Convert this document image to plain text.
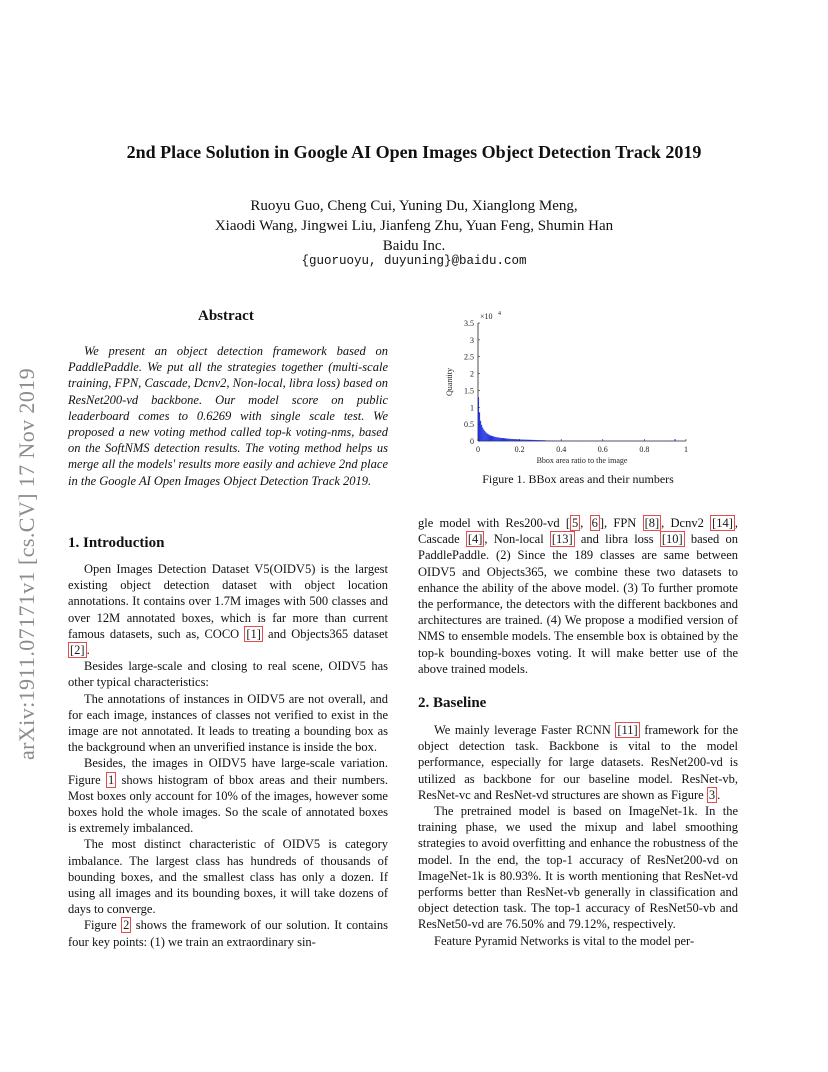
arXiv:1911.07171v1 [cs.CV] 17 Nov 2019
2nd Place Solution in Google AI Open Images Object Detection Track 2019
Ruoyu Guo, Cheng Cui, Yuning Du, Xianglong Meng,
Xiaodi Wang, Jingwei Liu, Jianfeng Zhu, Yuan Feng, Shumin Han
Baidu Inc.
{guoruoyu, duyuning}@baidu.com
Abstract

We present an object detection framework based on PaddlePaddle. We put all the strategies together (multi-scale training, FPN, Cascade, Dcnv2, Non-local, libra loss) based on ResNet200-vd backbone. Our model score on public leaderboard comes to 0.6269 with single scale test. We proposed a new voting method called top-k voting-nms, based on the SoftNMS detection results. The voting method helps us merge all the models' results more easily and achieve 2nd place in the Google AI Open Images Object Detection Track 2019.

1. Introduction

Open Images Detection Dataset V5(OIDV5) is the largest existing object detection dataset with object location annotations. It contains over 1.7M images with 500 classes and over 12M annotated boxes, which is far more than current famous datasets, such as, COCO [1] and Objects365 dataset [2] .

Besides large-scale and closing to real scene, OIDV5 has other typical characteristics:

The annotations of instances in OIDV5 are not overall, and for each image, instances of classes not verified to exist in the image are not annotated. It leads to treating a bounding box as the background when an unverified instance is inside the box.

Besides, the images in OIDV5 have large-scale variation. Figure 1 shows histogram of bbox areas and their numbers. Most boxes only account for 10% of the images, however some boxes hold the whole images. So the scale of annotated boxes is extremely imbalanced.

The most distinct characteristic of OIDV5 is category imbalance. The largest class has hundreds of thousands of bounding boxes, and the smallest class has only a dozen. If using all images and its bounding boxes, it will take dozens of days to converge.

Figure 2 shows the framework of our solution. It contains four key points: (1) we train an extraordinary sin-

0	0.2	0.4	0.6	0.8	1
0
0.5
1
1.5
2
2.5
3
3.5
×10 4
Bbox area ratio to the image
Quantity
Figure 1. BBox areas and their numbers

gle model with Res200-vd [ 5 , 6 ], FPN [8] , Dcnv2 [14] , Cascade [4] , Non-local [13] and libra loss [10] based on PaddlePaddle. (2) Since the 189 classes are same between OIDV5 and Objects365, we combine these two datasets to enhance the ability of the above model. (3) To further promote the performance, the detectors with the different backbones and architectures are trained. (4) We propose a modified version of NMS to ensemble models. The ensemble box is obtained by the top-k bounding-boxes voting. It will make better use of the above trained models.

2. Baseline

We mainly leverage Faster RCNN [11] framework for the object detection task. Backbone is vital to the model performance, especially for large datasets. ResNet200-vd is utilized as backbone for our baseline model. ResNet-vb, ResNet-vc and ResNet-vd structures are shown as Figure 3 .

The pretrained model is based on ImageNet-1k. In the training phase, we used the mixup and label smoothing strategies to avoid overfitting and enhance the robustness of the model. In the end, the top-1 accuracy of ResNet200-vd on ImageNet-1k is 80.93%. It is worth mentioning that ResNet-vd performs better than ResNet-vb generally in classification and object detection task. The top-1 accuracy of ResNet50-vb and ResNet50-vd are 76.50% and 79.12%, respectively.

Feature Pyramid Networks is vital to the model per-
